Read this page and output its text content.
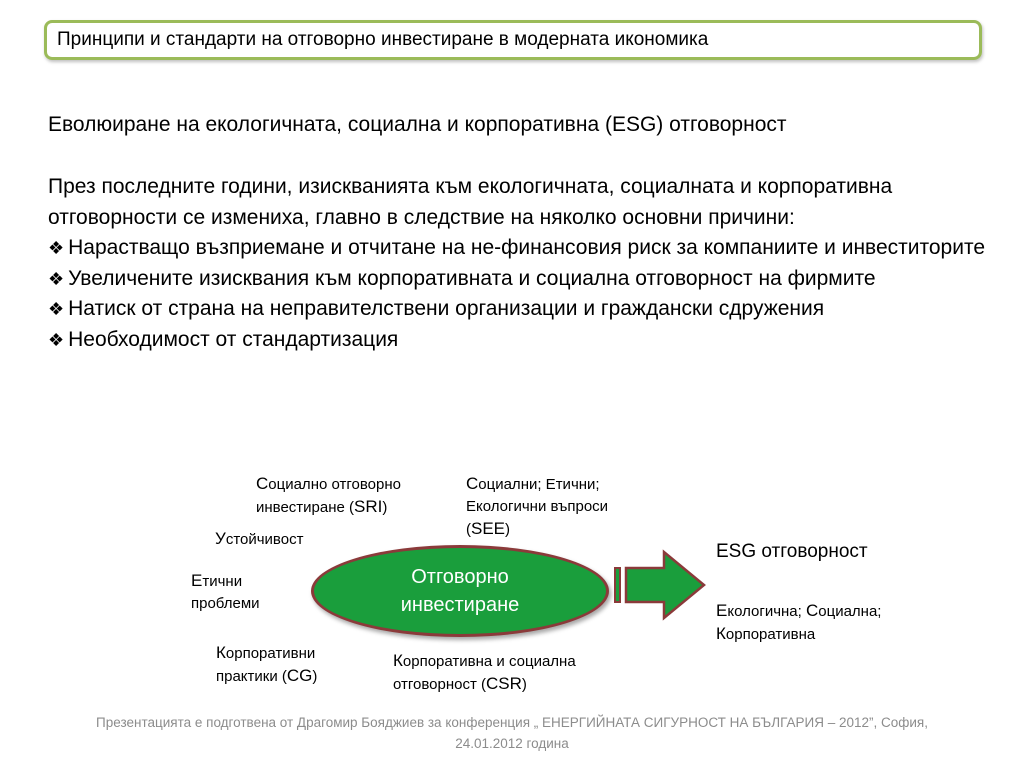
Принципи и стандарти на отговорно инвестиране в модерната икономика
Еволюиране на екологичната, социална и корпоративна (ESG) отговорност

През последните години, изискванията към екологичната, социалната и корпоративна отговорности се измениха, главно в следствие на няколко основни причини:

❖ Нарастващо възприемане и отчитане на не-финансовия риск за компаниите и инвеститорите

❖ Увеличените изисквания към корпоративната и социална отговорност на фирмите

❖ Натиск от страна на неправителствени организации и граждански сдружения

❖ Необходимост от стандартизация

Социално отговорно
инвестиране (SRI)
Социални; Етични;
Екологични въпроси
(SEE)
Устойчивост
Етични
проблеми
Корпоративни
практики (CG)
Корпоративна и социална
отговорност (CSR)
Отговорно
инвестиране
ESG отговорност
Екологична; Социална;
Корпоративна
Презентацията е подготвена от Драгомир Бояджиев за конференция „ ЕНЕРГИЙНАТА СИГУРНОСТ НА БЪЛГАРИЯ – 2012”, София,
24.01.2012 година
